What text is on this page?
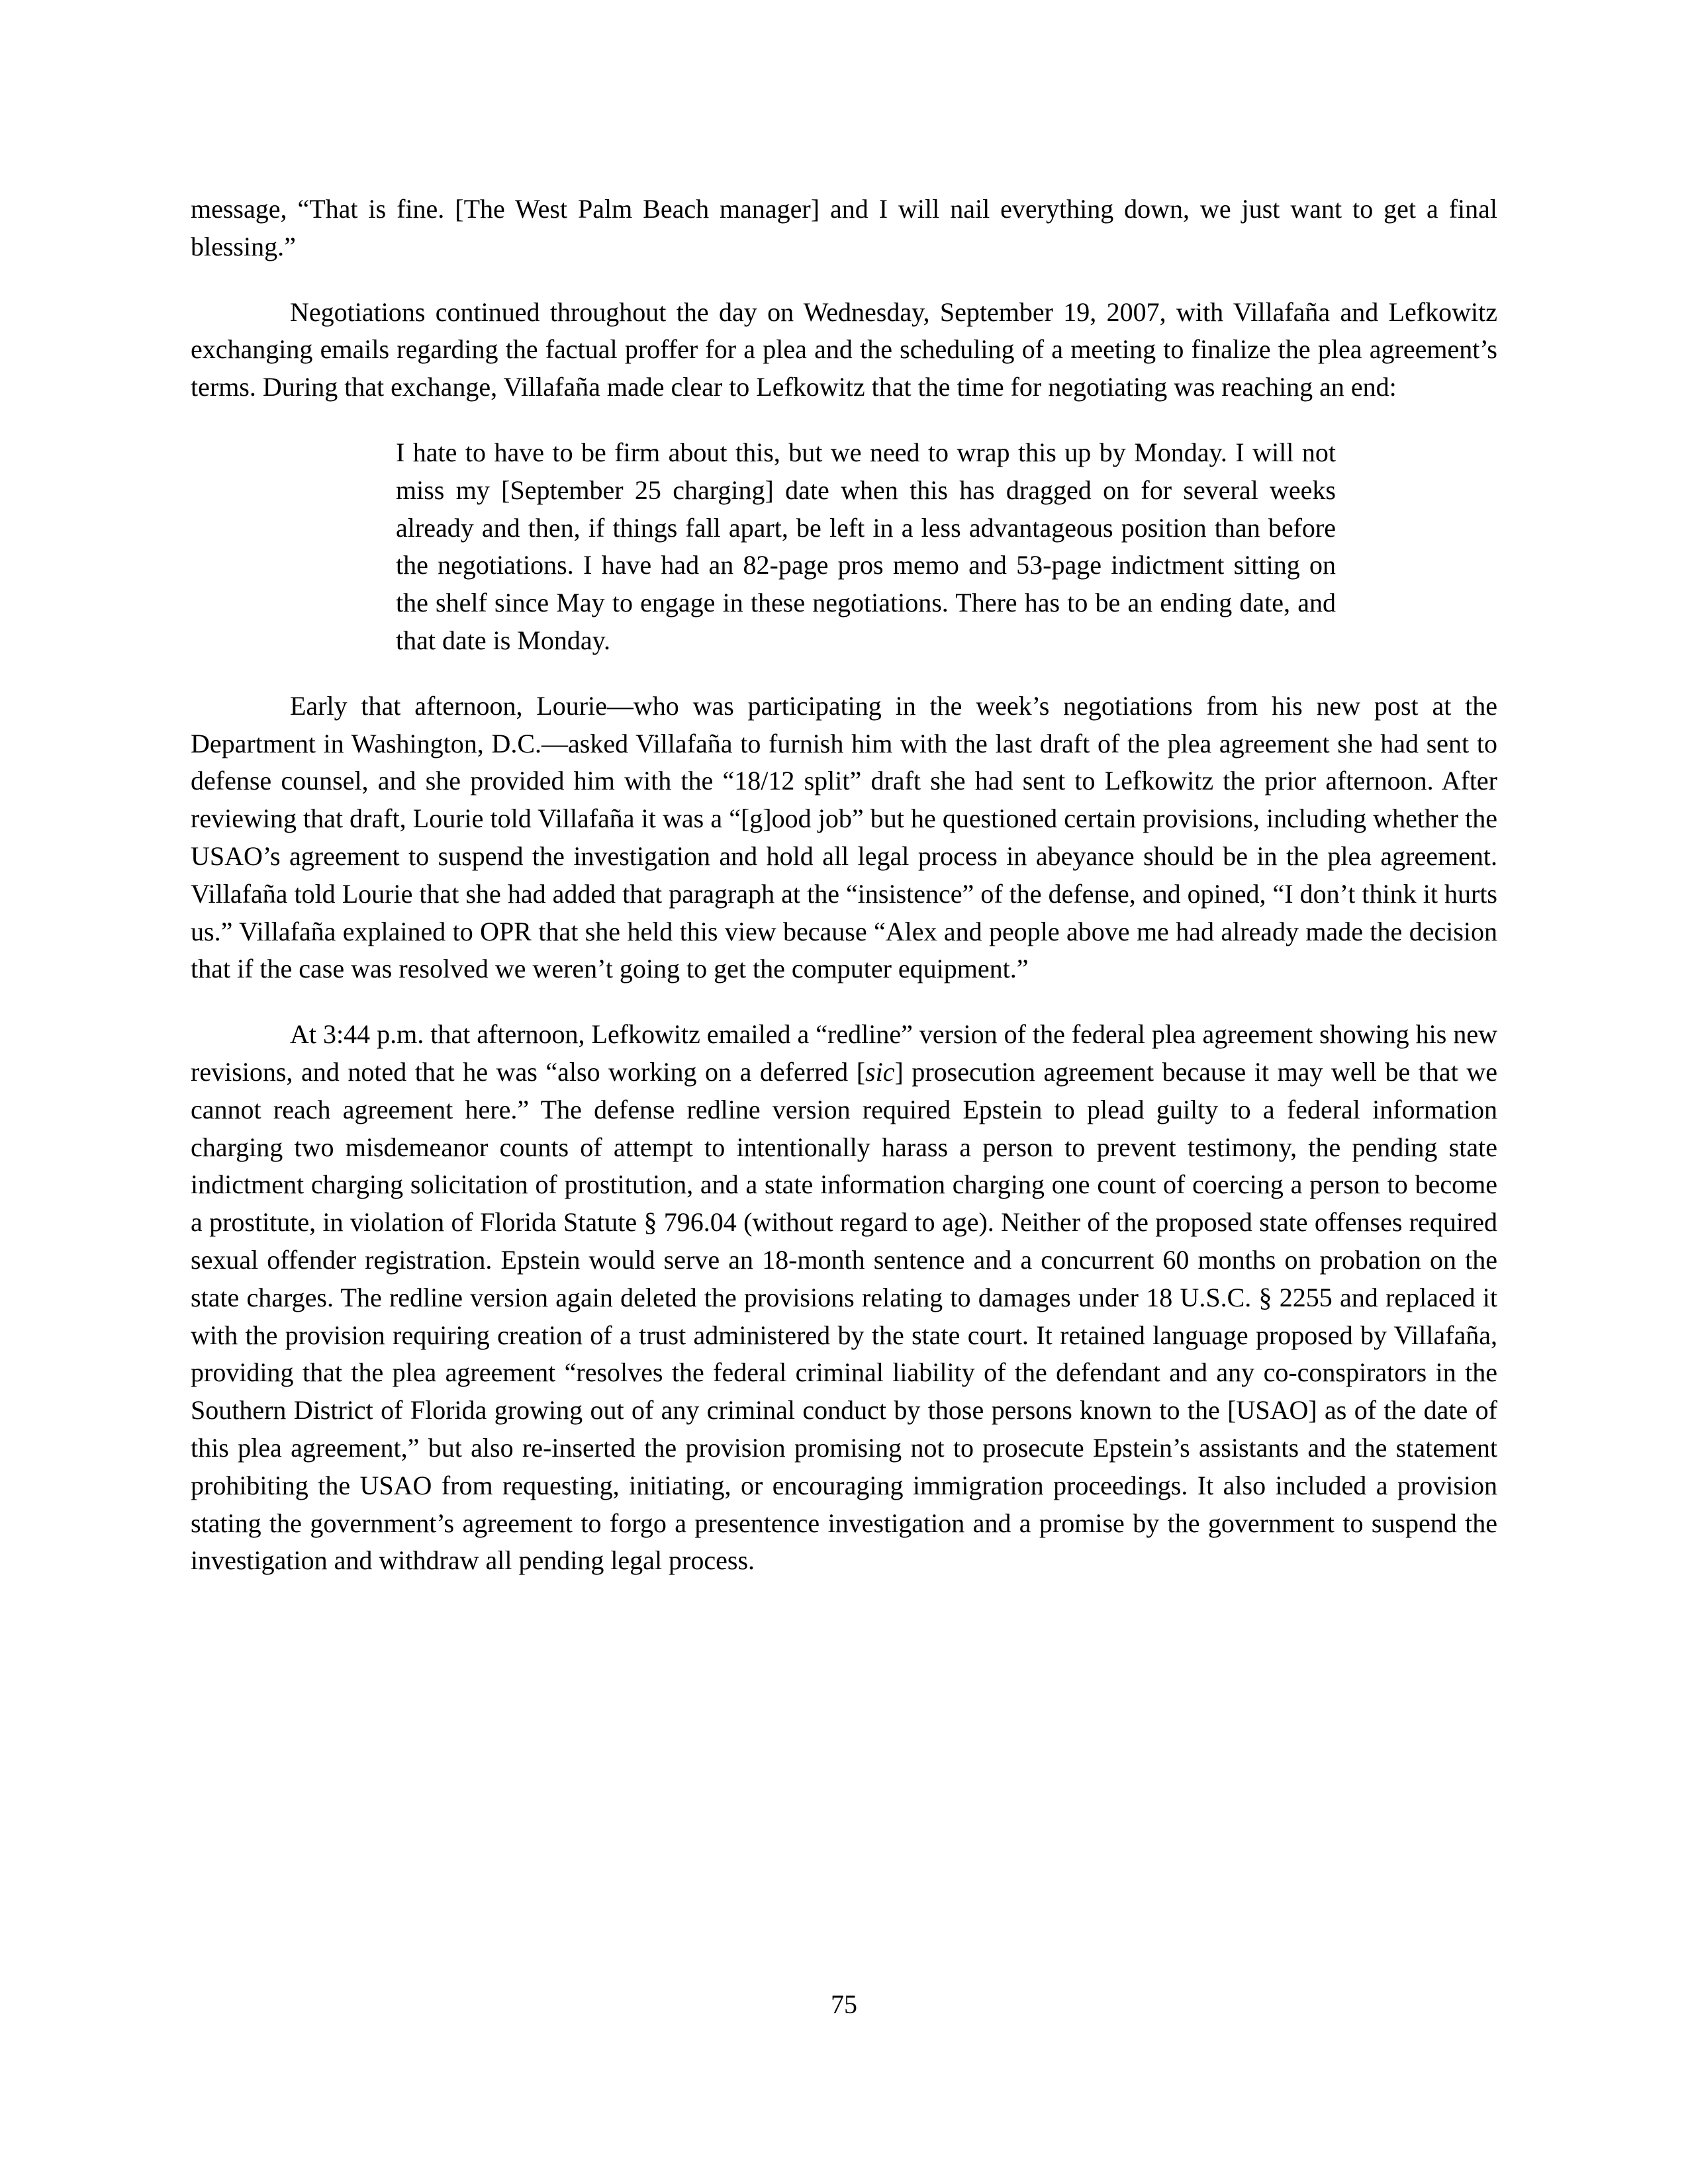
message, “That is fine. [The West Palm Beach manager] and I will nail everything down, we just want to get a final blessing.”

Negotiations continued throughout the day on Wednesday, September 19, 2007, with Villafaña and Lefkowitz exchanging emails regarding the factual proffer for a plea and the scheduling of a meeting to finalize the plea agreement’s terms. During that exchange, Villafaña made clear to Lefkowitz that the time for negotiating was reaching an end:

I hate to have to be firm about this, but we need to wrap this up by Monday. I will not miss my [September 25 charging] date when this has dragged on for several weeks already and then, if things fall apart, be left in a less advantageous position than before the negotiations. I have had an 82-page pros memo and 53-page indictment sitting on the shelf since May to engage in these negotiations. There has to be an ending date, and that date is Monday.

Early that afternoon, Lourie—who was participating in the week’s negotiations from his new post at the Department in Washington, D.C.—asked Villafaña to furnish him with the last draft of the plea agreement she had sent to defense counsel, and she provided him with the “18/12 split” draft she had sent to Lefkowitz the prior afternoon. After reviewing that draft, Lourie told Villafaña it was a “[g]ood job” but he questioned certain provisions, including whether the USAO’s agreement to suspend the investigation and hold all legal process in abeyance should be in the plea agreement. Villafaña told Lourie that she had added that paragraph at the “insistence” of the defense, and opined, “I don’t think it hurts us.” Villafaña explained to OPR that she held this view because “Alex and people above me had already made the decision that if the case was resolved we weren’t going to get the computer equipment.”

At 3:44 p.m. that afternoon, Lefkowitz emailed a “redline” version of the federal plea agreement showing his new revisions, and noted that he was “also working on a deferred [sic] prosecution agreement because it may well be that we cannot reach agreement here.” The defense redline version required Epstein to plead guilty to a federal information charging two misdemeanor counts of attempt to intentionally harass a person to prevent testimony, the pending state indictment charging solicitation of prostitution, and a state information charging one count of coercing a person to become a prostitute, in violation of Florida Statute § 796.04 (without regard to age). Neither of the proposed state offenses required sexual offender registration. Epstein would serve an 18-month sentence and a concurrent 60 months on probation on the state charges. The redline version again deleted the provisions relating to damages under 18 U.S.C. § 2255 and replaced it with the provision requiring creation of a trust administered by the state court. It retained language proposed by Villafaña, providing that the plea agreement “resolves the federal criminal liability of the defendant and any co-conspirators in the Southern District of Florida growing out of any criminal conduct by those persons known to the [USAO] as of the date of this plea agreement,” but also re-inserted the provision promising not to prosecute Epstein’s assistants and the statement prohibiting the USAO from requesting, initiating, or encouraging immigration proceedings. It also included a provision stating the government’s agreement to forgo a presentence investigation and a promise by the government to suspend the investigation and withdraw all pending legal process.

75
